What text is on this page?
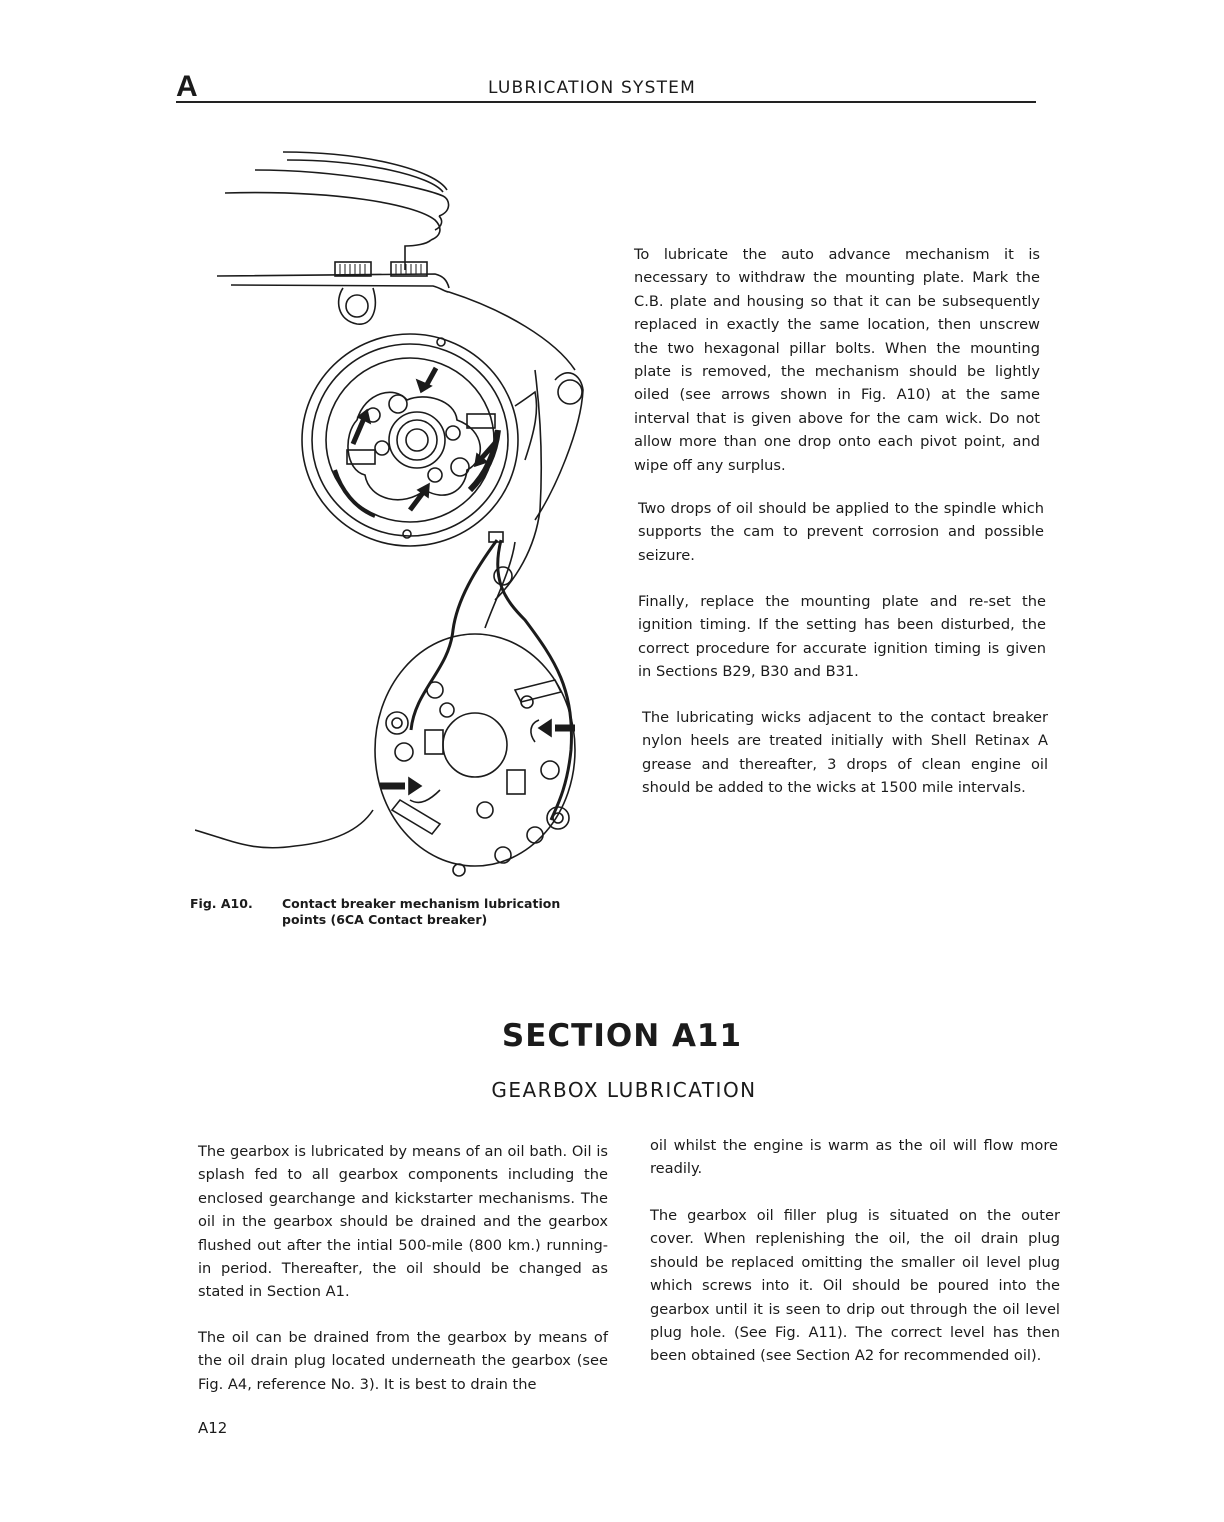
A	LUBRICATION SYSTEM
Fig. A10. Contact breaker mechanism lubrication points (6CA Contact breaker)
To lubricate the auto advance mechanism it is necessary to withdraw the mounting plate. Mark the C.B. plate and housing so that it can be subsequently replaced in exactly the same location, then unscrew the two hexagonal pillar bolts. When the mounting plate is removed, the mechanism should be lightly oiled (see arrows shown in Fig. A10) at the same interval that is given above for the cam wick. Do not allow more than one drop onto each pivot point, and wipe off any surplus.
Two drops of oil should be applied to the spindle which supports the cam to prevent corrosion and possible seizure.
Finally, replace the mounting plate and re-set the ignition timing. If the setting has been disturbed, the correct procedure for accurate ignition timing is given in Sections B29, B30 and B31.
The lubricating wicks adjacent to the contact breaker nylon heels are treated initially with Shell Retinax A grease and thereafter, 3 drops of clean engine oil should be added to the wicks at 1500 mile intervals.
SECTION A11
GEARBOX LUBRICATION
The gearbox is lubricated by means of an oil bath. Oil is splash fed to all gearbox components including the enclosed gearchange and kickstarter mechanisms. The oil in the gearbox should be drained and the gearbox flushed out after the intial 500-mile (800 km.) running-in period. Thereafter, the oil should be changed as stated in Section A1.
The oil can be drained from the gearbox by means of the oil drain plug located underneath the gearbox (see Fig. A4, reference No. 3). It is best to drain the
oil whilst the engine is warm as the oil will flow more readily.
The gearbox oil filler plug is situated on the outer cover. When replenishing the oil, the oil drain plug should be replaced omitting the smaller oil level plug which screws into it. Oil should be poured into the gearbox until it is seen to drip out through the oil level plug hole. (See Fig. A11). The correct level has then been obtained (see Section A2 for recommended oil).
A12
